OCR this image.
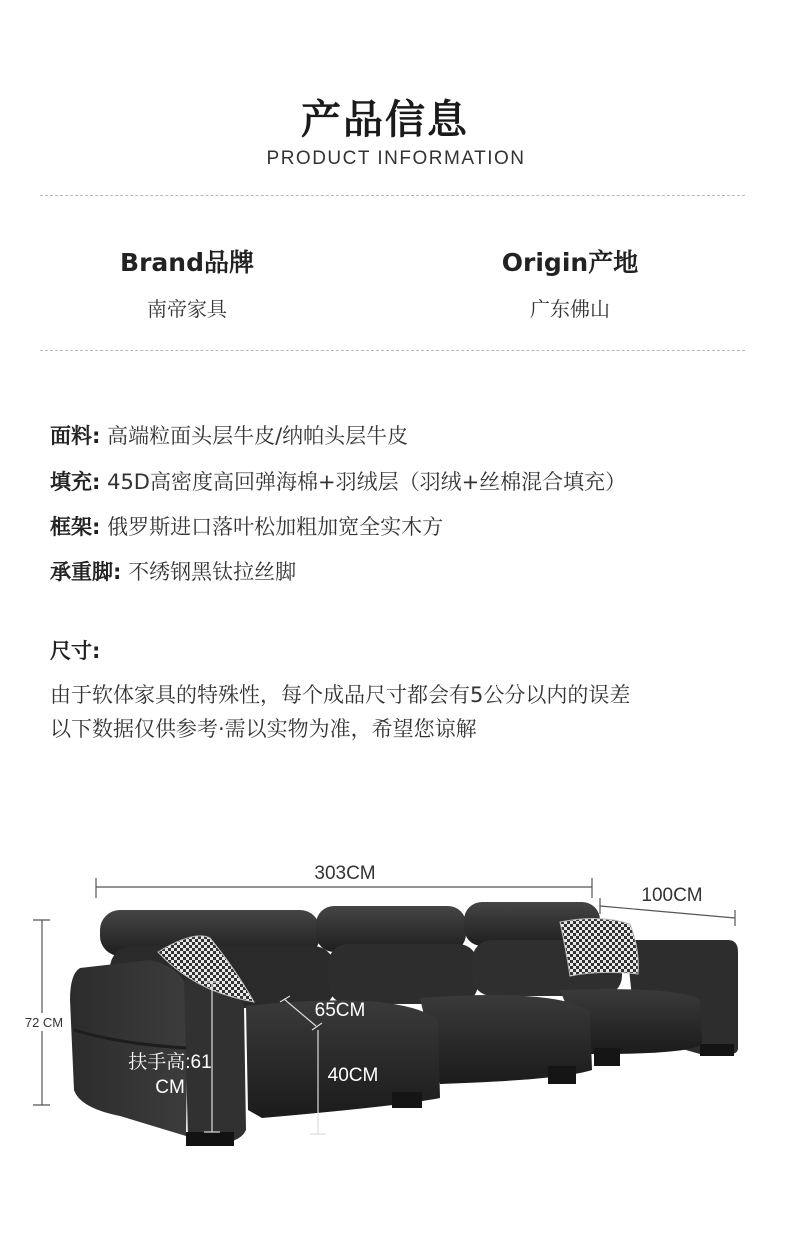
产品信息
PRODUCT INFORMATION
Brand品牌
南帝家具
Origin产地
广东佛山
面料: 高端粒面头层牛皮/纳帕头层牛皮
填充: 45D高密度高回弹海棉+羽绒层（羽绒+丝棉混合填充）
框架: 俄罗斯进口落叶松加粗加宽全实木方
承重脚: 不绣钢黑钛拉丝脚
尺寸:
由于软体家具的特殊性，每个成品尺寸都会有5公分以内的误差
以下数据仅供参考·需以实物为准，希望您谅解
303CM
100CM
72 CM
扶手高:61
CM
65CM
40CM
